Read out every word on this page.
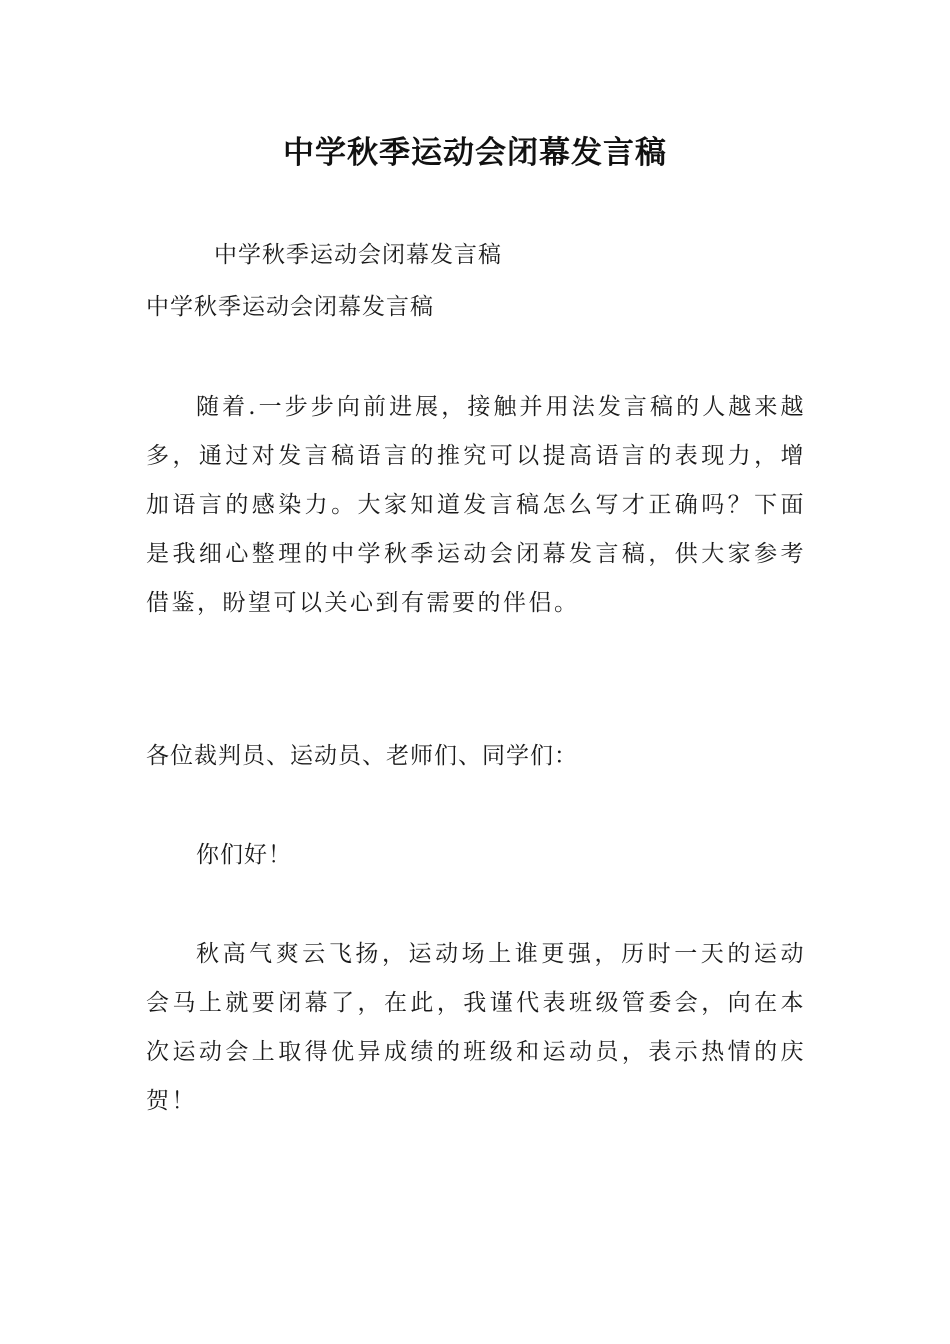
中学秋季运动会闭幕发言稿

中学秋季运动会闭幕发言稿

中学秋季运动会闭幕发言稿

随着.一步步向前进展，接触并用法发言稿的人越来越多，通过对发言稿语言的推究可以提高语言的表现力，增加语言的感染力。大家知道发言稿怎么写才正确吗？下面是我细心整理的中学秋季运动会闭幕发言稿，供大家参考借鉴，盼望可以关心到有需要的伴侣。

各位裁判员、运动员、老师们、同学们：

你们好！

秋高气爽云飞扬，运动场上谁更强，历时一天的运动会马上就要闭幕了，在此，我谨代表班级管委会，向在本次运动会上取得优异成绩的班级和运动员，表示热情的庆贺！
